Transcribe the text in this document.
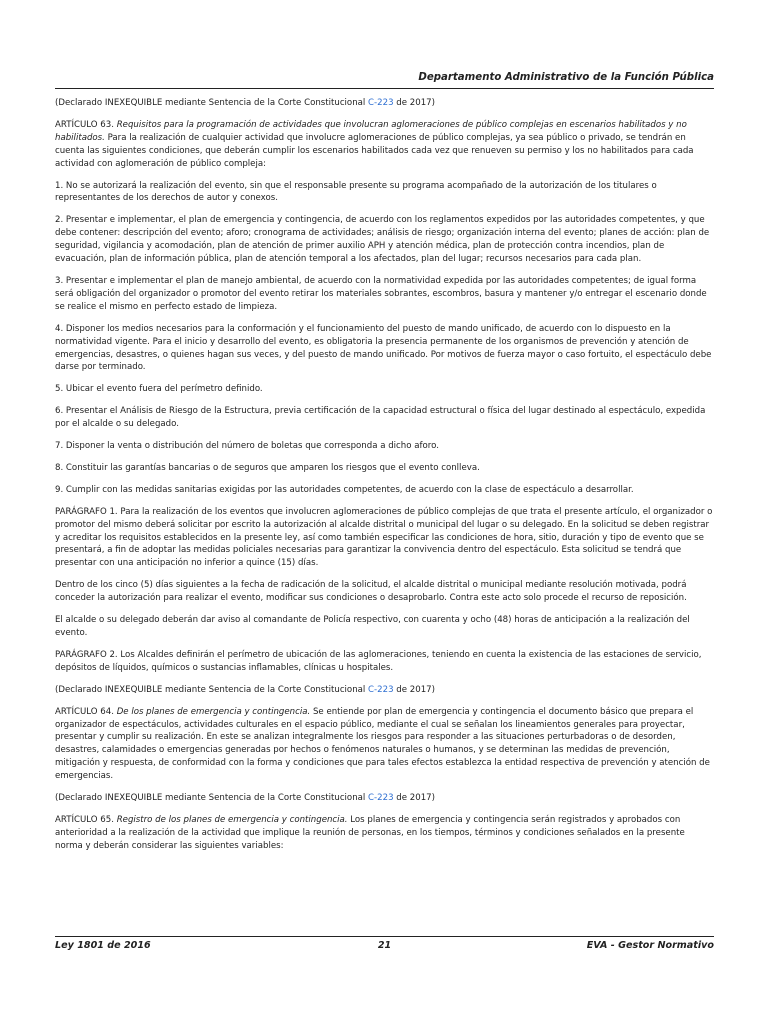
Departamento Administrativo de la Función Pública

(Declarado INEXEQUIBLE mediante Sentencia de la Corte Constitucional C-223 de 2017)

ARTÍCULO 63. Requisitos para la programación de actividades que involucran aglomeraciones de público complejas en escenarios habilitados y no habilitados. Para la realización de cualquier actividad que involucre aglomeraciones de público complejas, ya sea público o privado, se tendrán en cuenta las siguientes condiciones, que deberán cumplir los escenarios habilitados cada vez que renueven su permiso y los no habilitados para cada actividad con aglomeración de público compleja:

1. No se autorizará la realización del evento, sin que el responsable presente su programa acompañado de la autorización de los titulares o representantes de los derechos de autor y conexos.

2. Presentar e implementar, el plan de emergencia y contingencia, de acuerdo con los reglamentos expedidos por las autoridades competentes, y que debe contener: descripción del evento; aforo; cronograma de actividades; análisis de riesgo; organización interna del evento; planes de acción: plan de seguridad, vigilancia y acomodación, plan de atención de primer auxilio APH y atención médica, plan de protección contra incendios, plan de evacuación, plan de información pública, plan de atención temporal a los afectados, plan del lugar; recursos necesarios para cada plan.

3. Presentar e implementar el plan de manejo ambiental, de acuerdo con la normatividad expedida por las autoridades competentes; de igual forma será obligación del organizador o promotor del evento retirar los materiales sobrantes, escombros, basura y mantener y/o entregar el escenario donde se realice el mismo en perfecto estado de limpieza.

4. Disponer los medios necesarios para la conformación y el funcionamiento del puesto de mando unificado, de acuerdo con lo dispuesto en la normatividad vigente. Para el inicio y desarrollo del evento, es obligatoria la presencia permanente de los organismos de prevención y atención de emergencias, desastres, o quienes hagan sus veces, y del puesto de mando unificado. Por motivos de fuerza mayor o caso fortuito, el espectáculo debe darse por terminado.

5. Ubicar el evento fuera del perímetro definido.

6. Presentar el Análisis de Riesgo de la Estructura, previa certificación de la capacidad estructural o física del lugar destinado al espectáculo, expedida por el alcalde o su delegado.

7. Disponer la venta o distribución del número de boletas que corresponda a dicho aforo.

8. Constituir las garantías bancarias o de seguros que amparen los riesgos que el evento conlleva.

9. Cumplir con las medidas sanitarias exigidas por las autoridades competentes, de acuerdo con la clase de espectáculo a desarrollar.

PARÁGRAFO 1. Para la realización de los eventos que involucren aglomeraciones de público complejas de que trata el presente artículo, el organizador o promotor del mismo deberá solicitar por escrito la autorización al alcalde distrital o municipal del lugar o su delegado. En la solicitud se deben registrar y acreditar los requisitos establecidos en la presente ley, así como también especificar las condiciones de hora, sitio, duración y tipo de evento que se presentará, a fin de adoptar las medidas policiales necesarias para garantizar la convivencia dentro del espectáculo. Esta solicitud se tendrá que presentar con una anticipación no inferior a quince (15) días.

Dentro de los cinco (5) días siguientes a la fecha de radicación de la solicitud, el alcalde distrital o municipal mediante resolución motivada, podrá conceder la autorización para realizar el evento, modificar sus condiciones o desaprobarlo. Contra este acto solo procede el recurso de reposición.

El alcalde o su delegado deberán dar aviso al comandante de Policía respectivo, con cuarenta y ocho (48) horas de anticipación a la realización del evento.

PARÁGRAFO 2. Los Alcaldes definirán el perímetro de ubicación de las aglomeraciones, teniendo en cuenta la existencia de las estaciones de servicio, depósitos de líquidos, químicos o sustancias inflamables, clínicas u hospitales.

(Declarado INEXEQUIBLE mediante Sentencia de la Corte Constitucional C-223 de 2017)

ARTÍCULO 64. De los planes de emergencia y contingencia. Se entiende por plan de emergencia y contingencia el documento básico que prepara el organizador de espectáculos, actividades culturales en el espacio público, mediante el cual se señalan los lineamientos generales para proyectar, presentar y cumplir su realización. En este se analizan integralmente los riesgos para responder a las situaciones perturbadoras o de desorden, desastres, calamidades o emergencias generadas por hechos o fenómenos naturales o humanos, y se determinan las medidas de prevención, mitigación y respuesta, de conformidad con la forma y condiciones que para tales efectos establezca la entidad respectiva de prevención y atención de emergencias.

(Declarado INEXEQUIBLE mediante Sentencia de la Corte Constitucional C-223 de 2017)

ARTÍCULO 65. Registro de los planes de emergencia y contingencia. Los planes de emergencia y contingencia serán registrados y aprobados con anterioridad a la realización de la actividad que implique la reunión de personas, en los tiempos, términos y condiciones señalados en la presente norma y deberán considerar las siguientes variables:

Ley 1801 de 2016	21	EVA - Gestor Normativo
